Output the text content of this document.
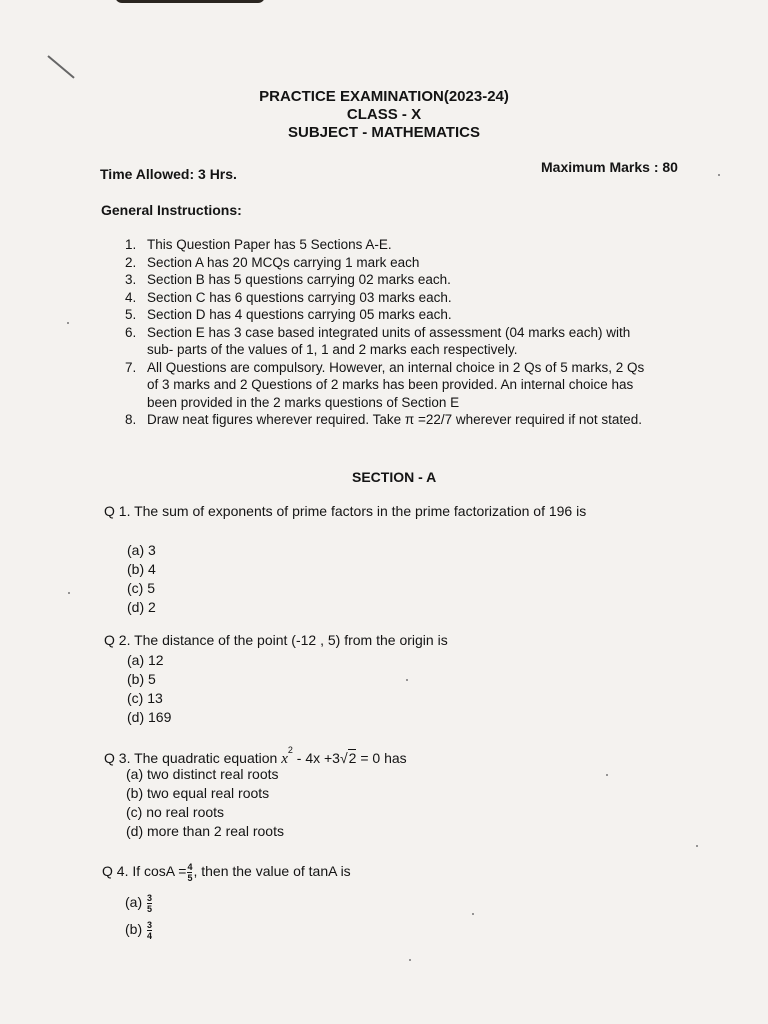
PRACTICE EXAMINATION(2023-24)
CLASS - X
SUBJECT - MATHEMATICS
Time Allowed: 3 Hrs.	Maximum Marks : 80
General Instructions:
1. This Question Paper has 5 Sections A-E.
2. Section A has 20 MCQs carrying 1 mark each
3. Section B has 5 questions carrying 02 marks each.
4. Section C has 6 questions carrying 03 marks each.
5. Section D has 4 questions carrying 05 marks each.
6. Section E has 3 case based integrated units of assessment (04 marks each) with
sub- parts of the values of 1, 1 and 2 marks each respectively.
7. All Questions are compulsory. However, an internal choice in 2 Qs of 5 marks, 2 Qs
of 3 marks and 2 Questions of 2 marks has been provided. An internal choice has
been provided in the 2 marks questions of Section E
8. Draw neat figures wherever required. Take π =22/7 wherever required if not stated.
SECTION - A
Q 1. The sum of exponents of prime factors in the prime factorization of 196 is
(a) 3
(b) 4
(c) 5
(d) 2
Q 2. The distance of the point (-12 , 5) from the origin is
(a) 12
(b) 5
(c) 13
(d) 169
Q 3. The quadratic equation $x^2 - 4x +3√2 = 0$ has
(a) two distinct real roots
(b) two equal real roots
(c) no real roots
(d) more than 2 real roots
Q 4. If $\cos A = \frac{4}{5}$ , then the value of tanA is
$(a) \frac{3}{5}$
$(b) \frac{3}{4}$
